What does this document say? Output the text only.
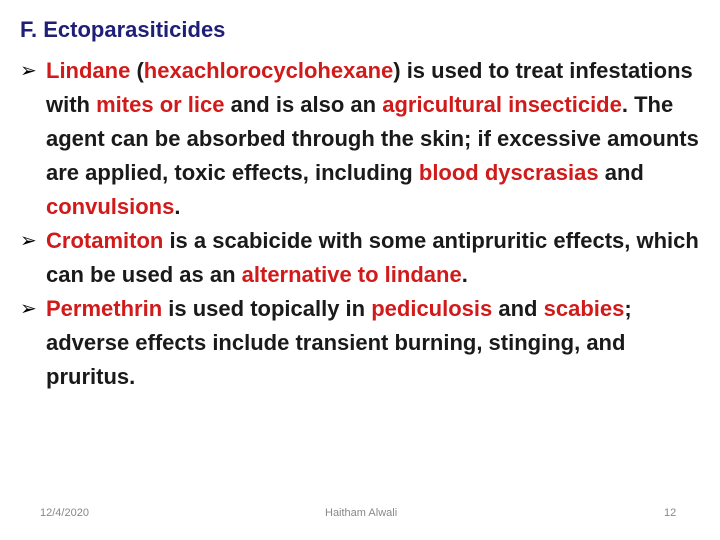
F. Ectoparasiticides
➢ Lindane (hexachlorocyclohexane) is used to treat infestations with mites or lice and is also an agricultural insecticide. The agent can be absorbed through the skin; if excessive amounts are applied, toxic effects, including blood dyscrasias and convulsions.
➢ Crotamiton is a scabicide with some antipruritic effects, which can be used as an alternative to lindane.
➢ Permethrin is used topically in pediculosis and scabies; adverse effects include transient burning, stinging, and pruritus.
12/4/2020	Haitham Alwali	12
